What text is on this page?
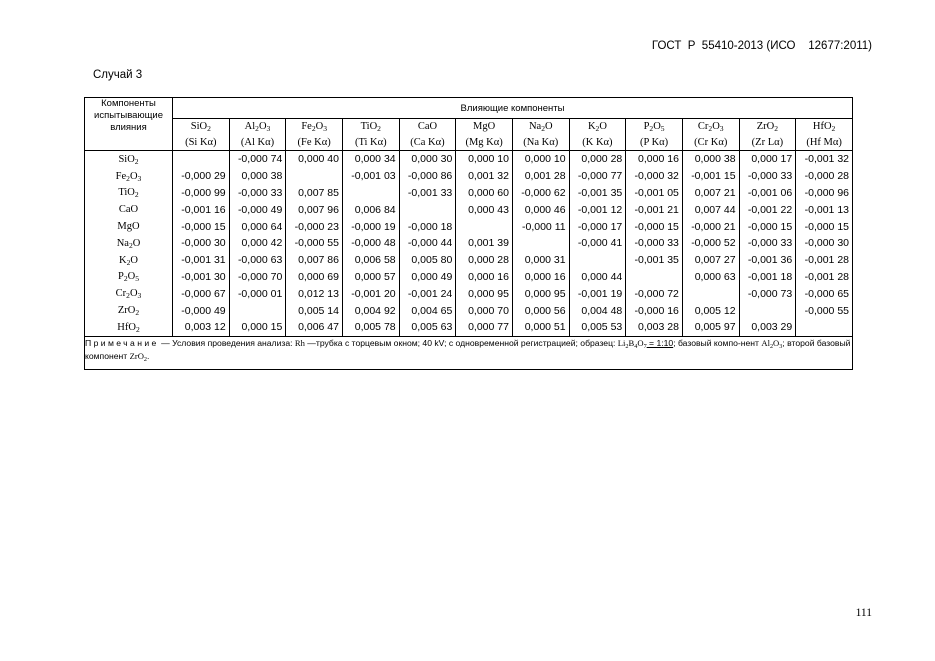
ГОСТ  Р  55410-2013 (ИСО    12677:2011)
Случай 3
Компоненты испытывающие влияния	Влияющие компоненты											
	SiO$_2$	$Al_2O_3$	$Fe_2O_3$	TiO$_2$	CaO	MgO	$Na_2O$	$K_2O$	$P_2O_5$	$Cr_2O_3$	ZrO$_2$	HfO$_2$
	(Si Kα)	(Al Kα)	(Fe Kα)	(Ti Kα)	(Ca Kα)	(Mg Kα)	(Na Kα)	(K Kα)	(P Kα)	(Cr Kα)	(Zr Lα)	(Hf Mα)
SiO$_2$		-0,000 74	0,000 40	0,000 34	0,000 30	0,000 10	0,000 10	0,000 28	0,000 16	0,000 38	0,000 17	-0,001 32
$Fe_2O_3$	-0,000 29	0,000 38		-0,001 03	-0,000 86	0,001 32	0,001 28	-0,000 77	-0,000 32	-0,001 15	-0,000 33	-0,000 28
TiO$_2$	-0,000 99	-0,000 33	0,007 85		-0,001 33	0,000 60	-0,000 62	-0,001 35	-0,001 05	0,007 21	-0,001 06	-0,000 96
CaO	-0,001 16	-0,000 49	0,007 96	0,006 84		0,000 43	0,000 46	-0,001 12	-0,001 21	0,007 44	-0,001 22	-0,001 13
MgO	-0,000 15	0,000 64	-0,000 23	-0,000 19	-0,000 18		-0,000 11	-0,000 17	-0,000 15	-0,000 21	-0,000 15	-0,000 15
$Na_2O$	-0,000 30	0,000 42	-0,000 55	-0,000 48	-0,000 44	0,001 39		-0,000 41	-0,000 33	-0,000 52	-0,000 33	-0,000 30
$K_2O$	-0,001 31	-0,000 63	0,007 86	0,006 58	0,005 80	0,000 28	0,000 31		-0,001 35	0,007 27	-0,001 36	-0,001 28
$P_2O_5$	-0,001 30	-0,000 70	0,000 69	0,000 57	0,000 49	0,000 16	0,000 16	0,000 44		0,000 63	-0,001 18	-0,001 28
$Cr_2O_3$	-0,000 67	-0,000 01	0,012 13	-0,001 20	-0,001 24	0,000 95	0,000 95	-0,001 19	-0,000 72		-0,000 73	-0,000 65
ZrO$_2$	-0,000 49		0,005 14	0,004 92	0,004 65	0,000 70	0,000 56	0,004 48	-0,000 16	0,005 12		-0,000 55
HfO$_2$	0,003 12	0,000 15	0,006 47	0,005 78	0,005 63	0,000 77	0,000 51	0,005 53	0,003 28	0,005 97	0,003 29	
Примечание — Условия проведения анализа: Rh —трубка с торцевым окном; 40 kV; с одновременной регистрацией; образец: $Li_2B_4O_7$ = 1:10; базовый компо-нент $Al_2O_3$; второй базовый компонент ZrO$_2$.												
111
